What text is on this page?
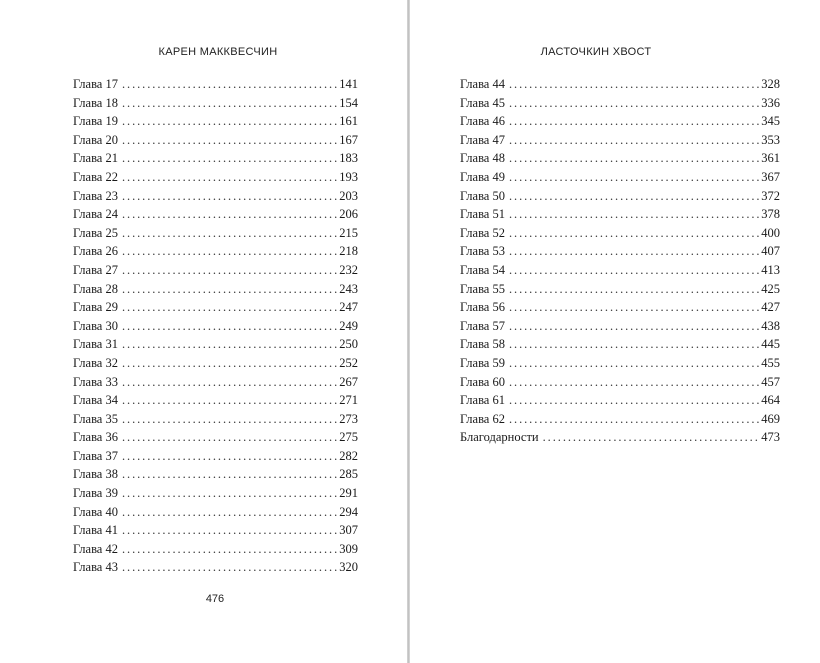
КАРЕН МАККВЕСЧИН
Глава 17 . . .	141
Глава 18 . . .	154
Глава 19 . . .	161
Глава 20 . . .	167
Глава 21 . . .	183
Глава 22 . . .	193
Глава 23 . . .	203
Глава 24 . . .	206
Глава 25 . . .	215
Глава 26 . . .	218
Глава 27 . . .	232
Глава 28 . . .	243
Глава 29 . . .	247
Глава 30 . . .	249
Глава 31 . . .	250
Глава 32 . . .	252
Глава 33 . . .	267
Глава 34 . . .	271
Глава 35 . . .	273
Глава 36 . . .	275
Глава 37 . . .	282
Глава 38 . . .	285
Глава 39 . . .	291
Глава 40 . . .	294
Глава 41 . . .	307
Глава 42 . . .	309
Глава 43 . . .	320
476
ЛАСТОЧКИН ХВОСТ
Глава 44 . . .	328
Глава 45 . . .	336
Глава 46 . . .	345
Глава 47 . . .	353
Глава 48 . . .	361
Глава 49 . . .	367
Глава 50 . . .	372
Глава 51 . . .	378
Глава 52 . . .	400
Глава 53 . . .	407
Глава 54 . . .	413
Глава 55 . . .	425
Глава 56 . . .	427
Глава 57 . . .	438
Глава 58 . . .	445
Глава 59 . . .	455
Глава 60 . . .	457
Глава 61 . . .	464
Глава 62 . . .	469
Благодарности . . .	473
